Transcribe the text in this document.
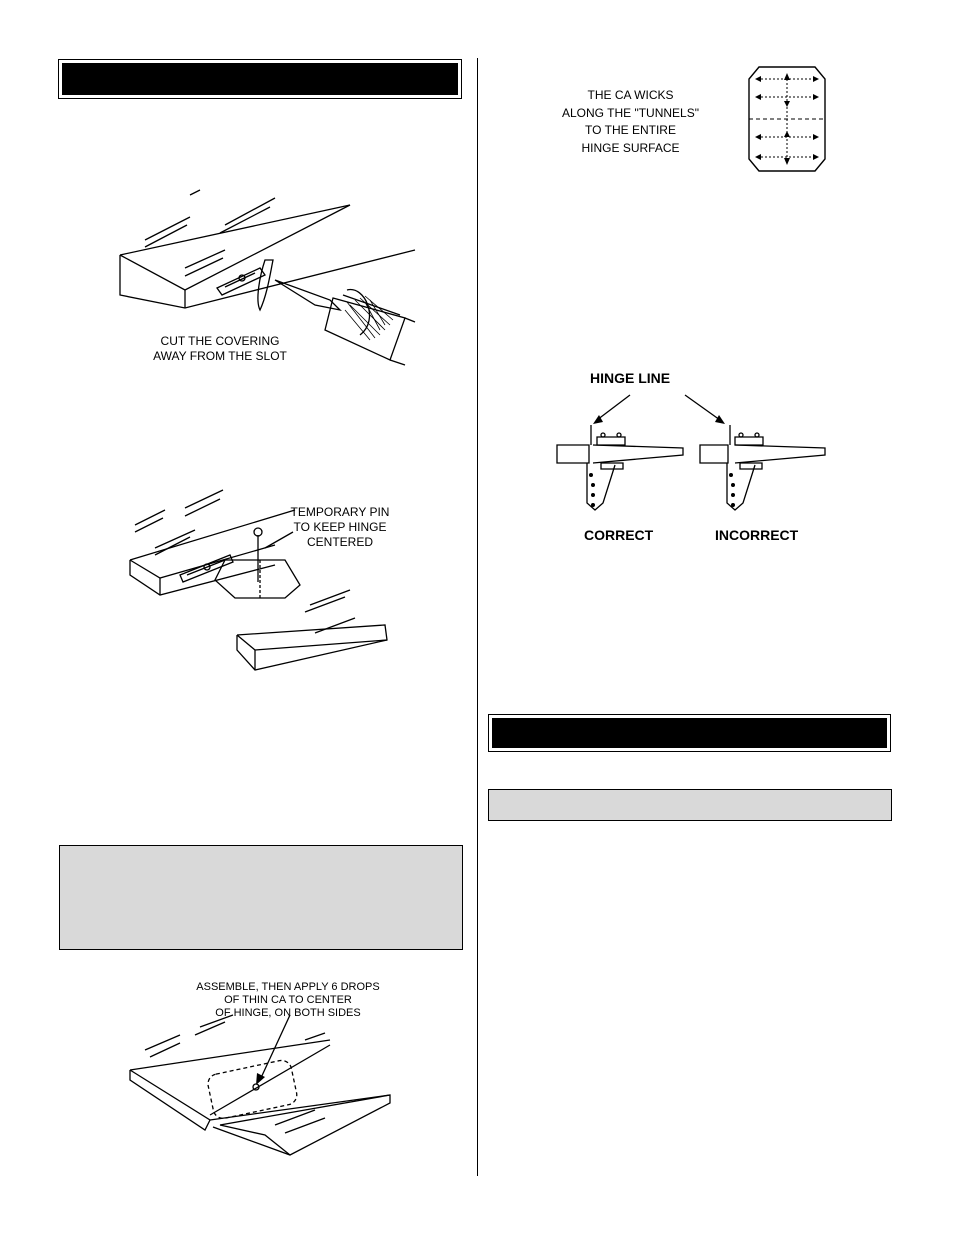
CUT THE COVERING
AWAY FROM THE SLOT
TEMPORARY PIN
TO KEEP HINGE
CENTERED
ASSEMBLE, THEN APPLY 6 DROPS
OF THIN CA TO CENTER
OF HINGE, ON BOTH SIDES
THE CA WICKS
ALONG THE "TUNNELS"
TO THE ENTIRE
HINGE SURFACE
HINGE LINE
CORRECT	INCORRECT
